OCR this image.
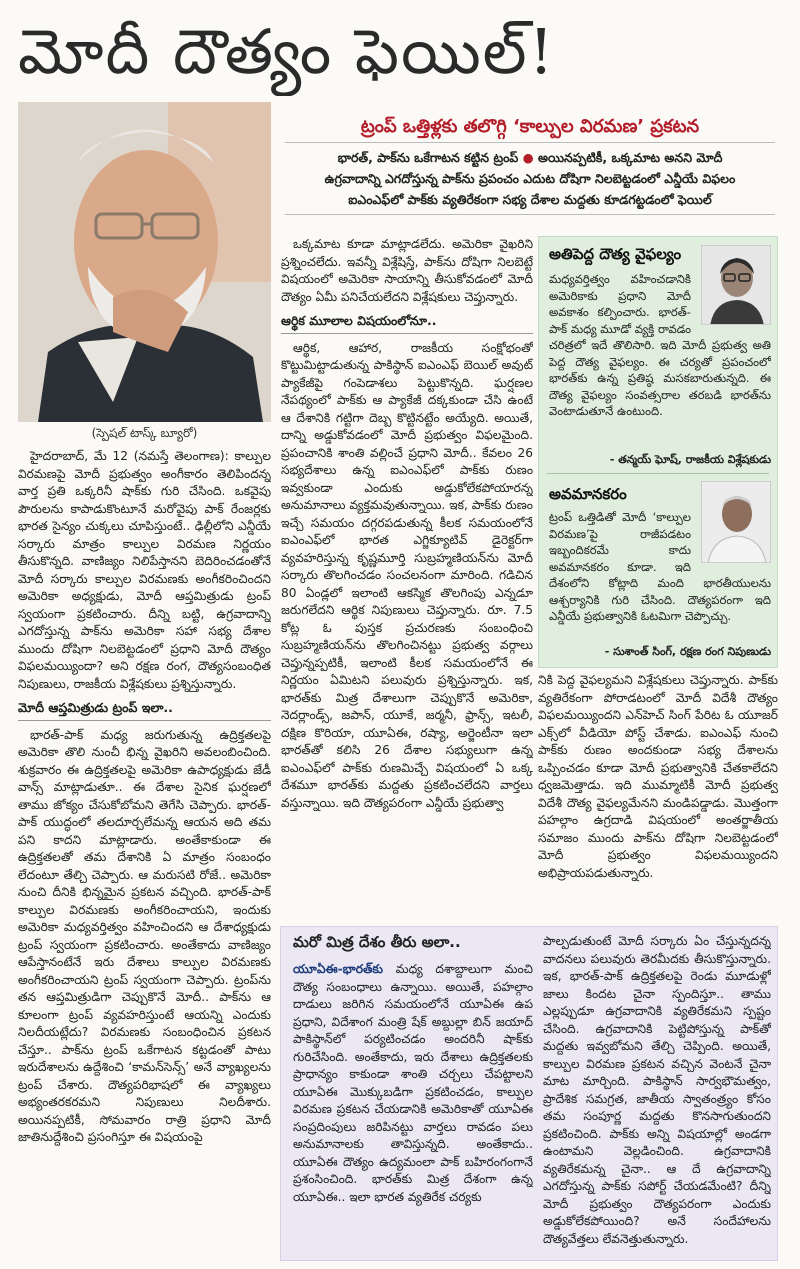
మోదీ దౌత్యం ఫెయిల్!
(స్పెషల్ టాస్క్ బ్యూరో)
ట్రంప్ ఒత్తిళ్లకు తలొగ్గి ‘కాల్పుల విరమణ’ ప్రకటన
భారత్, పాక్‌ను ఒకేగాటన కట్టిన ట్రంప్ ● అయినప్పటికీ, ఒక్కమాట అనని మోదీ
ఉగ్రవాదాన్ని ఎగదోస్తున్న పాక్‌ను ప్రపంచం ఎదుట దోషిగా నిలబెట్టడంలో ఎన్డీయే విఫలం
ఐఎంఎఫ్‌లో పాక్‌కు వ్యతిరేకంగా సభ్య దేశాల మద్దతు కూడగట్టడంలో ఫెయిల్

హైదరాబాద్, మే 12 (నమస్తే తెలంగాణ): కాల్పుల విరమణపై మోదీ ప్రభుత్వం అంగీకారం తెలిపిందన్న వార్త ప్రతి ఒక్కరినీ షాక్‌కు గురి చేసింది. ఒకవైపు పౌరులను కాపాడుకొంటూనే మరోవైపు పాక్ రేంజర్లకు భారత సైన్యం చుక్కలు చూపిస్తుంటే.. ఢిల్లీలోని ఎన్డీయే సర్కారు మాత్రం కాల్పుల విరమణ నిర్ణయం తీసుకొన్నది. వాణిజ్యం నిలిపేస్తానని బెదిరించడంతోనే మోదీ సర్కారు కాల్పుల విరమణకు అంగీకరించిందని అమెరికా అధ్యక్షుడు, మోదీ ఆప్తమిత్రుడు ట్రంప్ స్వయంగా ప్రకటించారు. దీన్ని బట్టి, ఉగ్రవాదాన్ని ఎగదోస్తున్న పాక్‌ను అమెరికా సహా సభ్య దేశాల ముందు దోషిగా నిలబెట్టడంలో ప్రధాని మోదీ దౌత్యం విఫలమయ్యిందా? అని రక్షణ రంగ, దౌత్యసంబంధిత నిపుణులు, రాజకీయ విశ్లేషకులు ప్రశ్నిస్తున్నారు.

మోదీ ఆప్తమిత్రుడు ట్రంప్ ఇలా..

భారత్-పాక్ మధ్య జరుగుతున్న ఉద్రిక్తతలపై అమెరికా తొలి నుంచీ భిన్న వైఖరిని అవలంబించింది. శుక్రవారం ఈ ఉద్రిక్తతలపై అమెరికా ఉపాధ్యక్షుడు జేడీ వాన్స్ మాట్లాడుతూ.. ఈ దేశాల సైనిక ఘర్షణలో తాము జోక్యం చేసుకోబోమని తెగేసి చెప్పారు. భారత్-పాక్ యుద్ధంలో తలదూర్చలేమన్న ఆయన అది తమ పని కాదని మాట్లాడారు. అంతేకాకుండా ఈ ఉద్రిక్తతలతో తమ దేశానికి ఏ మాత్రం సంబంధం లేదంటూ తేల్చి చెప్పారు. ఆ మరుసటి రోజే.. అమెరికా నుంచి దీనికి భిన్నమైన ప్రకటన వచ్చింది. భారత్-పాక్ కాల్పుల విరమణకు అంగీకరించాయని, ఇందుకు అమెరికా మధ్యవర్తిత్వం వహించిందని ఆ దేశాధ్యక్షుడు ట్రంప్ స్వయంగా ప్రకటించారు. అంతేకాదు వాణిజ్యం ఆపేస్తానంటేనే ఇరు దేశాలు కాల్పుల విరమణకు అంగీకరించాయని ట్రంప్ స్వయంగా చెప్పారు. ట్రంప్‌ను తన ఆప్తమిత్రుడిగా చెప్పుకొనే మోదీ.. పాక్‌ను ఆ కూలంగా ట్రంప్ వ్యవహరిస్తుంటే ఆయన్ని ఎందుకు నిలదీయట్లేదు? విరమణకు సంబంధించిన ప్రకటన చేస్తూ.. పాక్‌ను ట్రంప్ ఒకేగాటన కట్టడంతో పాటు ఇరుదేశాలను ఉద్దేశించి ‘కామన్‌సెన్స్’ అనే వ్యాఖ్యలను ట్రంప్ చేశారు. దౌత్యపరిభాషలో ఈ వ్యాఖ్యలు అభ్యంతరకరమని నిపుణులు నిలదీశారు. అయినప్పటికీ, సోమవారం రాత్రి ప్రధాని మోదీ జాతినుద్దేశించి ప్రసంగిస్తూ ఈ విషయంపై

ఒక్కమాట కూడా మాట్లాడలేదు. అమెరికా వైఖరిని ప్రశ్నించలేదు. ఇవన్నీ విశ్లేషిస్తే, పాక్‌ను దోషిగా నిలబెట్టే విషయంలో అమెరికా సాయాన్ని తీసుకోవడంలో మోదీ దౌత్యం ఏమీ పనిచేయలేదని విశ్లేషకులు చెప్తున్నారు.

ఆర్థిక మూలాల విషయంలోనూ..

ఆర్థిక, ఆహార, రాజకీయ సంక్షోభంతో కొట్టుమిట్టాడుతున్న పాకిస్థాన్ ఐఎంఎఫ్ బెయిల్ అవుట్ ప్యాకేజీపై గంపెడాశలు పెట్టుకొన్నది. ఘర్షణల నేపథ్యంలో పాక్‌కు ఆ ప్యాకేజీ దక్కకుండా చేసి ఉంటే ఆ దేశానికి గట్టిగా దెబ్బ కొట్టినట్టేం అయ్యేది. అయితే, దాన్ని అడ్డుకోవడంలో మోదీ ప్రభుత్వం విఫలమైంది. ప్రపంచానికి శాంతి వల్లించే ప్రధాని మోదీ.. కేవలం 26 సభ్యదేశాలు ఉన్న ఐఎంఎఫ్‌లో పాక్‌కు రుణం ఇవ్వకుండా ఎందుకు అడ్డుకోలేకపోయారన్న అనుమానాలు వ్యక్తమవుతున్నాయి. ఇక, పాక్‌కు రుణం ఇచ్చే సమయం దగ్గరపడుతున్న కీలక సమయంలోనే ఐఎంఎఫ్‌లో భారత ఎగ్జిక్యూటివ్ డైరెక్టర్‌గా వ్యవహరిస్తున్న కృష్ణమూర్తి సుబ్రహ్మణియన్‌ను మోదీ సర్కారు తొలగించడం సంచలనంగా మారింది. గడిచిన 80 ఏండ్లలో ఇలాంటి ఆకస్మిక తొలగింపు ఎన్నడూ జరుగలేదని ఆర్థిక నిపుణులు చెప్తున్నారు. రూ. 7.5 కోట్ల ఓ పుస్తక ప్రచురణకు సంబంధించి సుబ్రహ్మణియన్‌ను తొలగించినట్టు ప్రభుత్వ వర్గాలు చెప్తున్నప్పటికీ, ఇలాంటి కీలక సమయంలోనే ఈ నిర్ణయం ఏమిటని పలువురు ప్రశ్నిస్తున్నారు. ఇక, భారత్‌కు మిత్ర దేశాలుగా చెప్పుకొనే అమెరికా, నెదర్లాండ్స్, జపాన్, యూకే, జర్మనీ, ఫ్రాన్స్, ఇటలీ, దక్షిణ కొరియా, యూఏఈ, రష్యా, అర్జెంటీనా ఇలా భారత్‌తో కలిసి 26 దేశాల సభ్యులుగా ఉన్న ఐఎంఎఫ్‌లో పాక్‌కు రుణమిచ్చే విషయంలో ఏ ఒక్క దేశమూ భారత్‌కు మద్దతు ప్రకటించలేదని వార్తలు వస్తున్నాయి. ఇది దౌత్యపరంగా ఎన్డీయే ప్రభుత్వా

అతిపెద్ద దౌత్య వైఫల్యం
మధ్యవర్తిత్వం వహించడానికి అమెరికాకు ప్రధాని మోదీ అవకాశం కల్పించారు. భారత్-పాక్ మధ్య మూడో వ్యక్తి రావడం చరిత్రలో ఇదే తొలిసారి. ఇది మోదీ ప్రభుత్వ అతి పెద్ద దౌత్య వైఫల్యం. ఈ చర్యతో ప్రపంచంలో భారత్‌కు ఉన్న ప్రతిష్ఠ మసకబారుతున్నది. ఈ దౌత్య వైఫల్యం సంవత్సరాల తరబడి భారత్‌ను వెంటాడుతూనే ఉంటుంది.
- తన్మయ్ ఘోష్, రాజకీయ విశ్లేషకుడు
అవమానకరం
ట్రంప్ ఒత్తిడితో మోదీ ‘కాల్పుల విరమణ’పై రాజీపడటం ఇబ్బందికరమే కాదు అవమానకరం కూడా. ఇది దేశంలోని కోట్లాది మంది భారతీయులను ఆశ్చర్యానికి గురి చేసింది. దౌత్యపరంగా ఇది ఎన్డీయే ప్రభుత్వానికి ఓటమిగా చెప్పొచ్చు.
- సుశాంత్ సింగ్, రక్షణ రంగ నిపుణుడు

నికి పెద్ద వైఫల్యమని విశ్లేషకులు చెప్తున్నారు. పాక్‌కు వ్యతిరేకంగా పోరాడటంలో మోదీ విదేశీ దౌత్యం విఫలమయ్యిందని ఎన్‌హెచ్ సింగ్ పేరిట ఓ యూజర్ ఎక్స్‌లో వీడియో పోస్ట్ చేశాడు. ఐఎంఎఫ్ నుంచి పాక్‌కు రుణం అందకుండా సభ్య దేశాలను ఒప్పించడం కూడా మోదీ ప్రభుత్వానికి చేతకాలేదని ధ్వజమెత్తాడు. ఇది ముమ్మాటికీ మోదీ ప్రభుత్వ విదేశీ దౌత్య వైఫల్యమేనని మండిపడ్డాడు. మొత్తంగా పహల్గాం ఉగ్రదాడి విషయంలో అంతర్జాతీయ సమాజం ముందు పాక్‌ను దోషిగా నిలబెట్టడంలో మోదీ ప్రభుత్వం విఫలమయ్యిందని అభిప్రాయపడుతున్నారు.

మరో మిత్ర దేశం తీరు అలా..
యూఏఈ-భారత్‌కు మధ్య దశాబ్దాలుగా మంచి దౌత్య సంబంధాలు ఉన్నాయి. అయితే, పహల్గాం దాడులు జరిగిన సమయంలోనే యూఏఈ ఉప ప్రధాని, విదేశాంగ మంత్రి షేక్ అబ్దుల్లా బిన్ జయాద్ పాకిస్థాన్‌లో పర్యటించడం అందరినీ షాక్‌కు గురిచేసింది. అంతేకాదు, ఇరు దేశాలు ఉద్రిక్తతలకు ప్రాధాన్యం కాకుండా శాంతి చర్చలు చేపట్టాలని యూఏఈ మొక్కుబడిగా ప్రకటించడం, కాల్పుల విరమణ ప్రకటన చేయడానికి అమెరికాతో యూఏఈ సంప్రదింపులు జరిపినట్టు వార్తలు రావడం పలు అనుమానాలకు తావిస్తున్నది. అంతేకాదు.. యూఏఈ దౌత్యం ఉద్యమంలా పాక్ బహిరంగంగానే ప్రశంసించింది. భారత్‌కు మిత్ర దేశంగా ఉన్న యూఏఈ.. ఇలా భారత వ్యతిరేక చర్యకు
పాల్పడుతుంటే మోదీ సర్కారు ఏం చేస్తున్నదన్న వాదనలు పలువురు తెరమీదకు తీసుకొస్తున్నారు. ఇక, భారత్-పాక్ ఉద్రిక్తతలపై రెండు మూడుళ్లో జాలు కిందట చైనా స్పందిస్తూ.. తాము ఎల్లప్పుడూ ఉగ్రవాదానికి వ్యతిరేకమని స్పష్టం చేసింది. ఉగ్రవాదానికి పెట్టిపోస్తున్న పాక్‌తో మద్దతు ఇవ్వబోమని తేల్చి చెప్పింది. అయితే, కాల్పుల విరమణ ప్రకటన వచ్చిన వెంటనే చైనా మాట మార్చింది. పాకిస్థాన్ సార్వభౌమత్వం, ప్రాదేశిక సమగ్రత, జాతీయ స్వాతంత్ర్యం కోసం తమ సంపూర్ణ మద్దతు కొనసాగుతుందని ప్రకటించింది. పాక్‌కు అన్ని విషయాల్లో అండగా ఉంటామని వెల్లడించింది. ఉగ్రవాదానికి వ్యతిరేకమన్న చైనా.. ఆ దే ఉగ్రవాదాన్ని ఎగదోస్తున్న పాక్‌కు సపోర్ట్ చేయడమేంటి? దీన్ని మోదీ ప్రభుత్వం దౌత్యపరంగా ఎందుకు అడ్డుకోలేకపోయింది? అనే సందేహాలను దౌత్యవేత్తలు లేవనెత్తుతున్నారు.
